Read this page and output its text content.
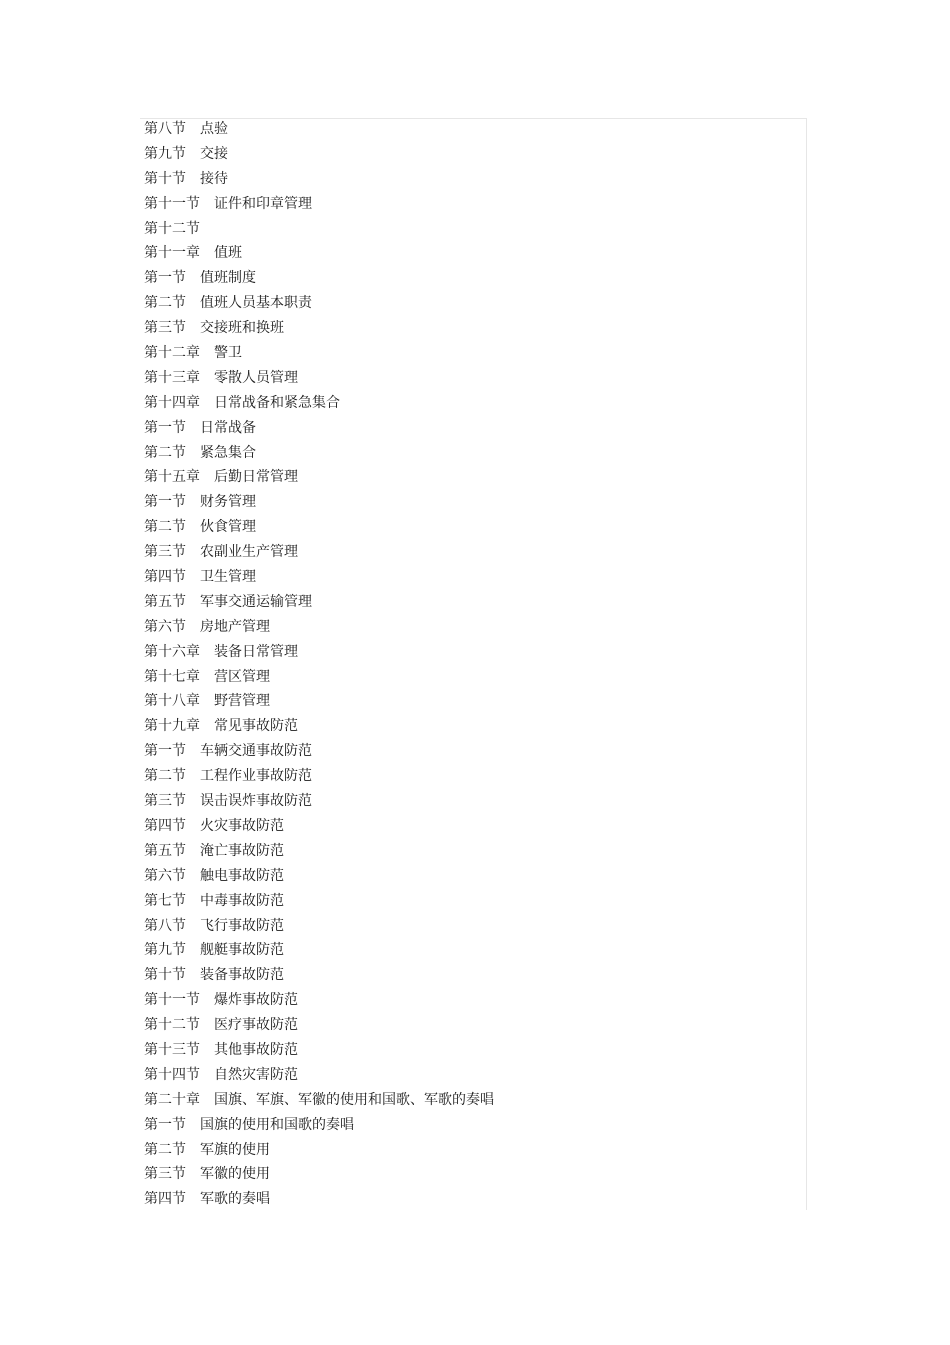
第八节 点验
第九节 交接
第十节 接待
第十一节 证件和印章管理
第十二节
第十一章 值班
第一节 值班制度
第二节 值班人员基本职责
第三节 交接班和换班
第十二章 警卫
第十三章 零散人员管理
第十四章 日常战备和紧急集合
第一节 日常战备
第二节 紧急集合
第十五章 后勤日常管理
第一节 财务管理
第二节 伙食管理
第三节 农副业生产管理
第四节 卫生管理
第五节 军事交通运输管理
第六节 房地产管理
第十六章 装备日常管理
第十七章 营区管理
第十八章 野营管理
第十九章 常见事故防范
第一节 车辆交通事故防范
第二节 工程作业事故防范
第三节 误击误炸事故防范
第四节 火灾事故防范
第五节 淹亡事故防范
第六节 触电事故防范
第七节 中毒事故防范
第八节 飞行事故防范
第九节 舰艇事故防范
第十节 装备事故防范
第十一节 爆炸事故防范
第十二节 医疗事故防范
第十三节 其他事故防范
第十四节 自然灾害防范
第二十章 国旗、军旗、军徽的使用和国歌、军歌的奏唱
第一节 国旗的使用和国歌的奏唱
第二节 军旗的使用
第三节 军徽的使用
第四节 军歌的奏唱
